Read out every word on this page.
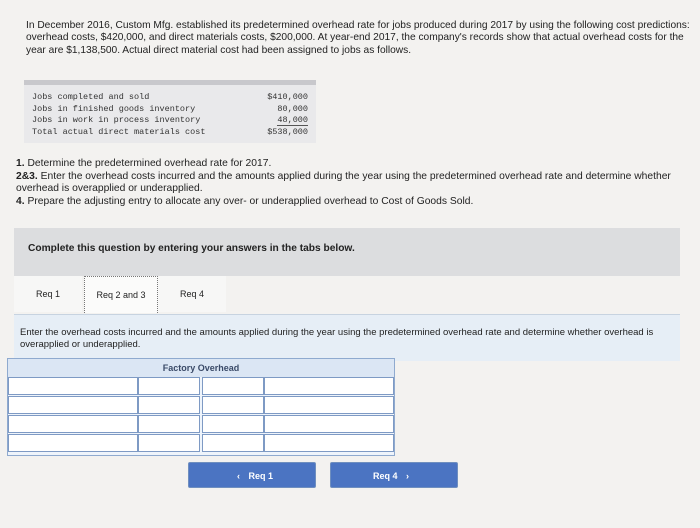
In December 2016, Custom Mfg. established its predetermined overhead rate for jobs produced during 2017 by using the following cost predictions: overhead costs, $420,000, and direct materials costs, $200,000. At year-end 2017, the company's records show that actual overhead costs for the year are $1,138,500. Actual direct material cost had been assigned to jobs as follows.
Jobs completed and sold	$410,000
Jobs in finished goods inventory	80,000
Jobs in work in process inventory	48,000
Total actual direct materials cost	$538,000
1. Determine the predetermined overhead rate for 2017.
2&3. Enter the overhead costs incurred and the amounts applied during the year using the predetermined overhead rate and determine whether overhead is overapplied or underapplied.
4. Prepare the adjusting entry to allocate any over- or underapplied overhead to Cost of Goods Sold.
Complete this question by entering your answers in the tabs below.
Req 1	Req 2 and 3	Req 4
Enter the overhead costs incurred and the amounts applied during the year using the predetermined overhead rate and determine whether overhead is overapplied or underapplied.
Factory Overhead
‹ Req 1	Req 4 ›
